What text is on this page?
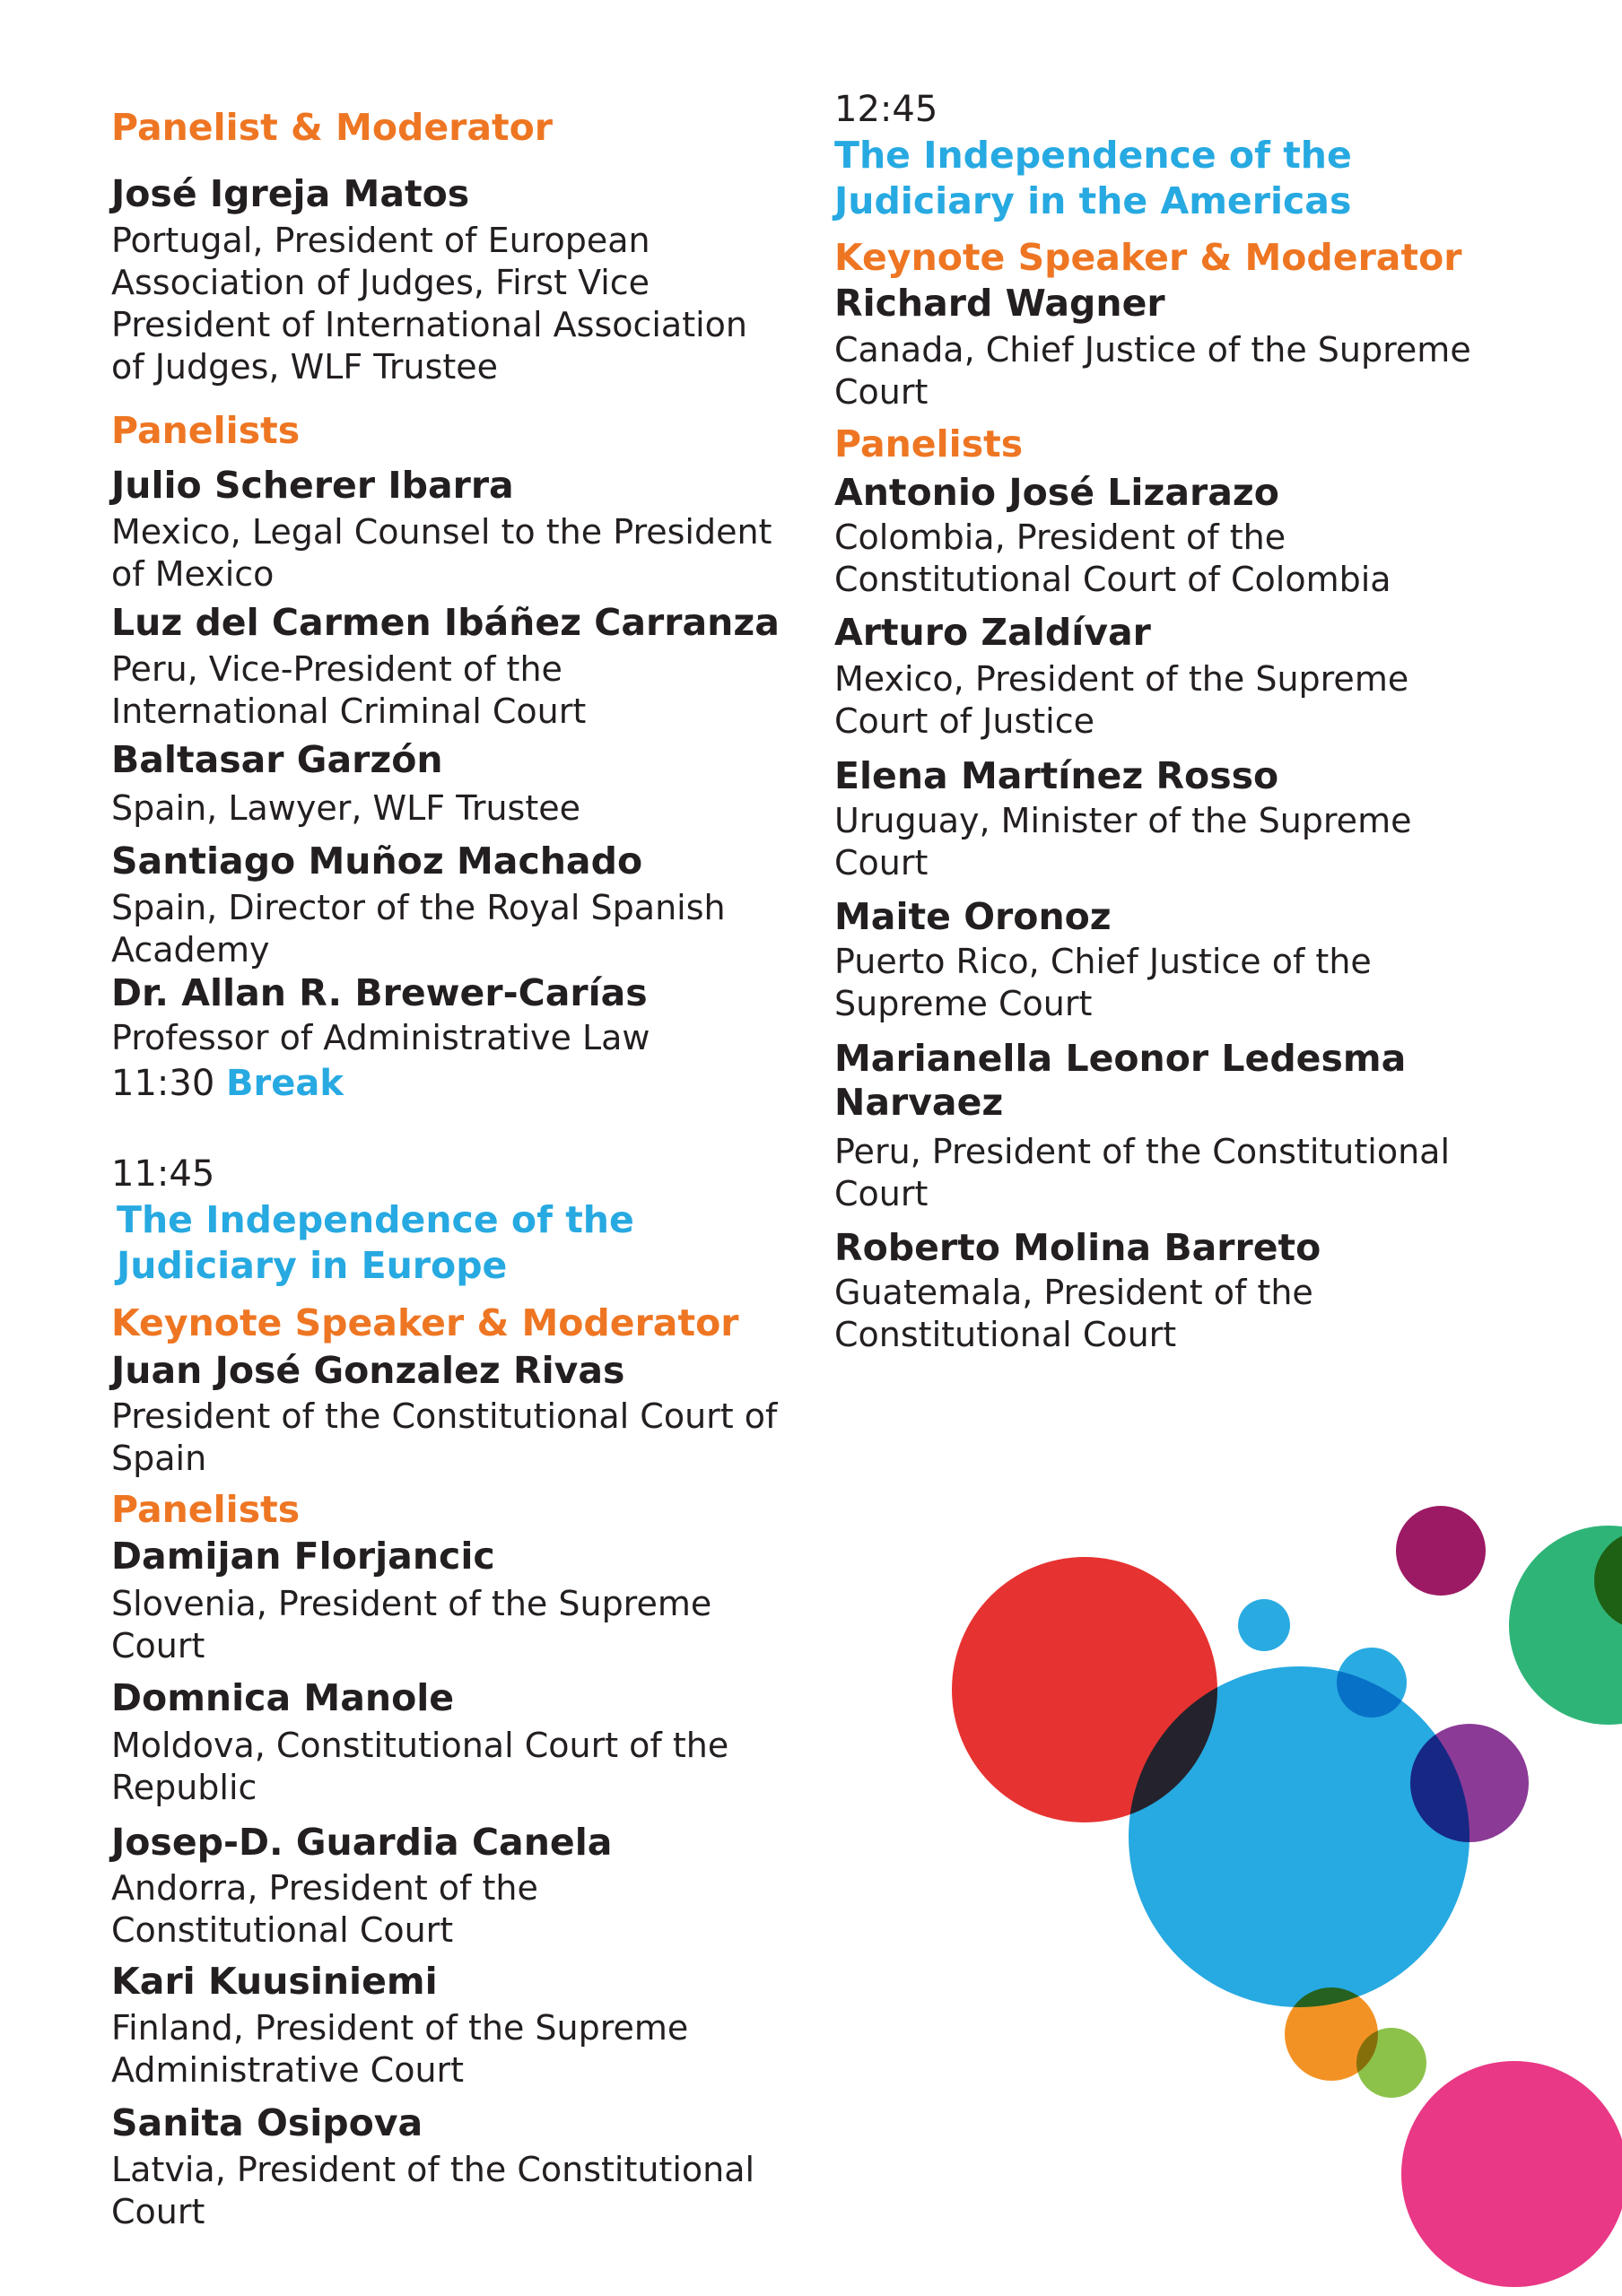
Panelist & Moderator
José Igreja Matos
Portugal, President of European
Association of Judges, First Vice
President of International Association
of Judges, WLF Trustee
Panelists
Julio Scherer Ibarra
Mexico, Legal Counsel to the President
of Mexico
Luz del Carmen Ibáñez Carranza
Peru, Vice-President of the
International Criminal Court
Baltasar Garzón
Spain, Lawyer, WLF Trustee
Santiago Muñoz Machado
Spain, Director of the Royal Spanish
Academy
Dr. Allan R. Brewer-Carías
Professor of Administrative Law
11:30 Break
11:45
The Independence of the
Judiciary in Europe
Keynote Speaker & Moderator
Juan José Gonzalez Rivas
President of the Constitutional Court of
Spain
Panelists
Damijan Florjancic
Slovenia, President of the Supreme
Court
Domnica Manole
Moldova, Constitutional Court of the
Republic
Josep-D. Guardia Canela
Andorra, President of the
Constitutional Court
Kari Kuusiniemi
Finland, President of the Supreme
Administrative Court
Sanita Osipova
Latvia, President of the Constitutional
Court
12:45
The Independence of the
Judiciary in the Americas
Keynote Speaker & Moderator
Richard Wagner
Canada, Chief Justice of the Supreme
Court
Panelists
Antonio José Lizarazo
Colombia, President of the
Constitutional Court of Colombia
Arturo Zaldívar
Mexico, President of the Supreme
Court of Justice
Elena Martínez Rosso
Uruguay, Minister of the Supreme
Court
Maite Oronoz
Puerto Rico, Chief Justice of the
Supreme Court
Marianella Leonor Ledesma
Narvaez
Peru, President of the Constitutional
Court
Roberto Molina Barreto
Guatemala, President of the
Constitutional Court
